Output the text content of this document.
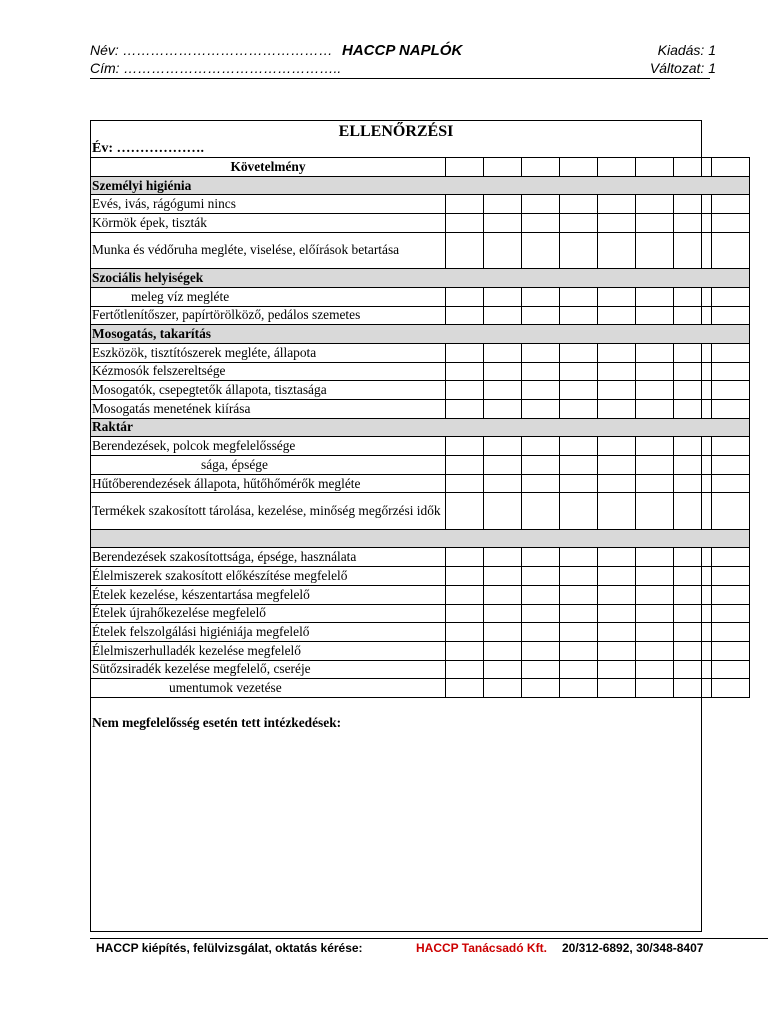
Név: ………………………………………
Cím: ………………………………………..
HACCP NAPLÓK	Kiadás: 1
Változat: 1
ELLENŐRZÉSI
Év: ……………….
Követelmény								
Személyi higiénia								
Evés, ivás, rágógumi nincs								
Körmök épek, tiszták								
Munka és védőruha megléte, viselése, előírások betartása								
Szociális helyiségek								
meleg víz megléte								
Fertőtlenítőszer, papírtörölköző, pedálos szemetes								
Mosogatás, takarítás								
Eszközök, tisztítószerek megléte, állapota								
Kézmosók felszereltsége								
Mosogatók, csepegtetők állapota, tisztasága								
Mosogatás menetének kiírása								
Raktár								
Berendezések, polcok megfelelőssége								
sága, épsége								
Hűtőberendezések állapota, hűtőhőmérők megléte								
Termékek szakosított tárolása, kezelése, minőség megőrzési idők								

Berendezések szakosítottsága, épsége, használata								
Élelmiszerek szakosított előkészítése megfelelő								
Ételek kezelése, készentartása megfelelő								
Ételek újrahőkezelése megfelelő								
Ételek felszolgálási higiéniája megfelelő								
Élelmiszerhulladék kezelése megfelelő								
Sütőzsiradék kezelése megfelelő, cseréje								
umentumok vezetése								
Nem megfelelősség esetén tett intézkedések:
HACCP kiépítés, felülvizsgálat, oktatás kérése:	HACCP Tanácsadó Kft. 20/312-6892, 30/348-8407
